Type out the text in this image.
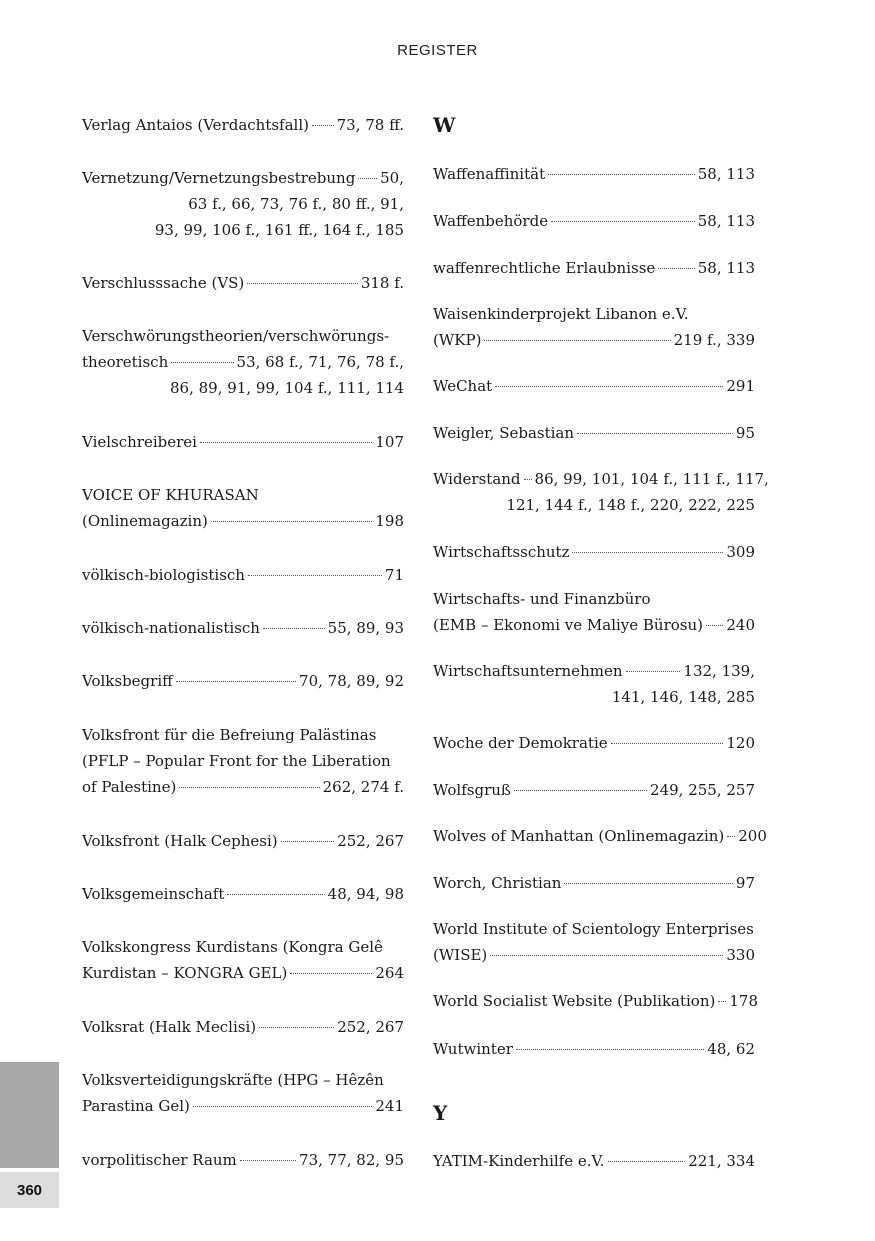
REGISTER
Verlag Antaios (Verdachtsfall) 73, 78 ff.
Vernetzung/Vernetzungsbestrebung 50,
63 f., 66, 73, 76 f., 80 ff., 91,
93, 99, 106 f., 161 ff., 164 f., 185
Verschlusssache (VS)	318 f.
Verschwörungstheorien/verschwörungs-
theoretisch	53, 68 f., 71, 76, 78 f.,
86, 89, 91, 99, 104 f., 111, 114
Vielschreiberei	107
VOICE OF KHURASAN
(Onlinemagazin)	198
völkisch-biologistisch	71
völkisch-nationalistisch	55, 89, 93
Volksbegriff	70, 78, 89, 92
Volksfront für die Befreiung Palästinas
(PFLP – Popular Front for the Liberation
of Palestine)	262, 274 f.
Volksfront (Halk Cephesi)	252, 267
Volksgemeinschaft	48, 94, 98
Volkskongress Kurdistans (Kongra Gelê
Kurdistan – KONGRA GEL)	264
Volksrat (Halk Meclisi)	252, 267
Volksverteidigungskräfte (HPG – Hêzên
Parastina Gel)	241
vorpolitischer Raum	73, 77, 82, 95
W
Y
Waffenaffinität	58, 113
Waffenbehörde	58, 113
waffenrechtliche Erlaubnisse	58, 113
Waisenkinderprojekt Libanon e.V.
(WKP)	219 f., 339
WeChat	291
Weigler, Sebastian	95
Widerstand 86, 99, 101, 104 f., 111 f., 117,
121, 144 f., 148 f., 220, 222, 225
Wirtschaftsschutz	309
Wirtschafts- und Finanzbüro
(EMB – Ekonomi ve Maliye Bürosu) 240
Wirtschaftsunternehmen	132, 139,
141, 146, 148, 285
Woche der Demokratie	120
Wolfsgruß	249, 255, 257
Wolves of Manhattan (Onlinemagazin) 200
Worch, Christian	97
World Institute of Scientology Enterprises
(WISE)	330
World Socialist Website (Publikation) 178
Wutwinter	48, 62
YATIM-Kinderhilfe e.V.	221, 334
360
